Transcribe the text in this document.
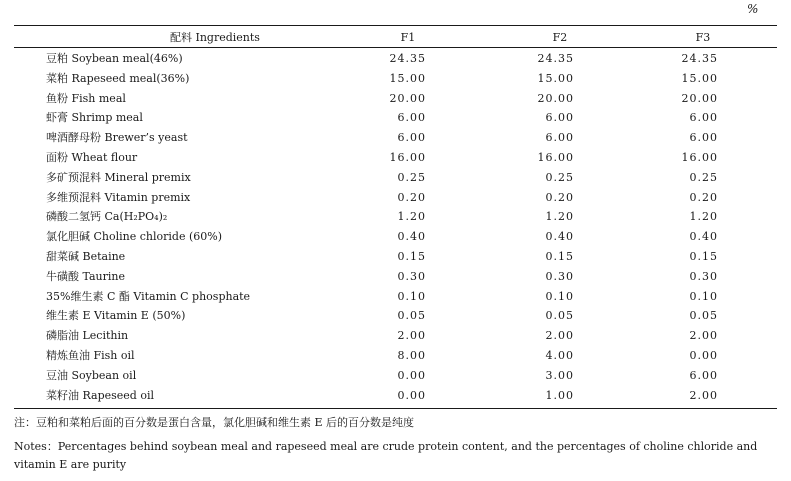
%
配料 Ingredients	F1	F2	F3
豆粕 Soybean meal(46%)	24.35	24.35	24.35
菜粕 Rapeseed meal(36%)	15.00	15.00	15.00
鱼粉 Fish meal	20.00	20.00	20.00
虾膏 Shrimp meal	6.00	6.00	6.00
啤酒酵母粉 Brewer’s yeast	6.00	6.00	6.00
面粉 Wheat flour	16.00	16.00	16.00
多矿预混料 Mineral premix	0.25	0.25	0.25
多维预混料 Vitamin premix	0.20	0.20	0.20
磷酸二氢钙 Ca(H₂PO₄)₂	1.20	1.20	1.20
氯化胆碱 Choline chloride (60%)	0.40	0.40	0.40
甜菜碱 Betaine	0.15	0.15	0.15
牛磺酸 Taurine	0.30	0.30	0.30
35%维生素 C 酯 Vitamin C phosphate	0.10	0.10	0.10
维生素 E Vitamin E (50%)	0.05	0.05	0.05
磷脂油 Lecithin	2.00	2.00	2.00
精炼鱼油 Fish oil	8.00	4.00	0.00
豆油 Soybean oil	0.00	3.00	6.00
菜籽油 Rapeseed oil	0.00	1.00	2.00
注：豆粕和菜粕后面的百分数是蛋白含量，氯化胆碱和维生素 E 后的百分数是纯度
Notes：Percentages behind soybean meal and rapeseed meal are crude protein content, and the percentages of choline chloride and vitamin E are purity
